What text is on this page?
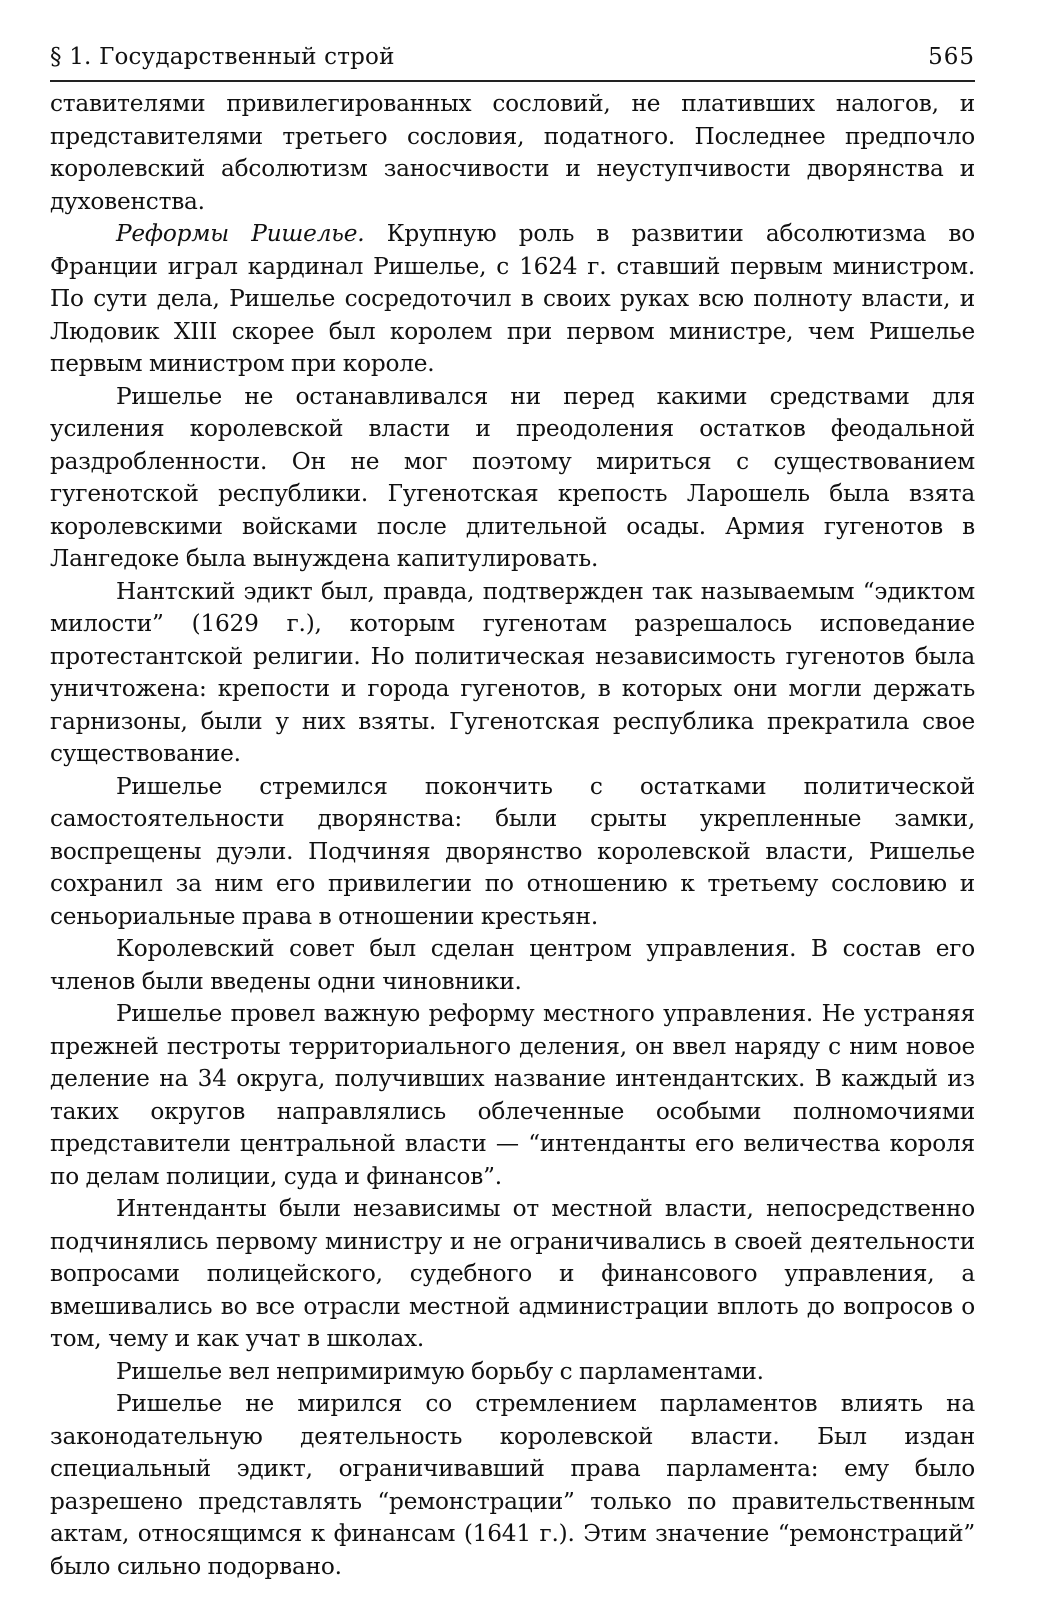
§ 1. Государственный строй	565

ставителями привилегированных сословий, не плативших налогов, и представителями третьего сословия, податного. Последнее предпочло королевский абсолютизм заносчивости и неуступчивости дворянства и духовенства.

Реформы Ришелье. Крупную роль в развитии абсолютизма во Франции играл кардинал Ришелье, с 1624 г. ставший первым министром. По сути дела, Ришелье сосредоточил в своих руках всю полноту власти, и Людовик XIII скорее был королем при первом министре, чем Ришелье первым министром при короле.

Ришелье не останавливался ни перед какими средствами для усиления королевской власти и преодоления остатков феодальной раздробленности. Он не мог поэтому мириться с существованием гугенотской республики. Гугенотская крепость Ларошель была взята королевскими войсками после длительной осады. Армия гугенотов в Лангедоке была вынуждена капитулировать.

Нантский эдикт был, правда, подтвержден так называемым “эдиктом милости” (1629 г.), которым гугенотам разрешалось исповедание протестантской религии. Но политическая независимость гугенотов была уничтожена: крепости и города гугенотов, в которых они могли держать гарнизоны, были у них взяты. Гугенотская республика прекратила свое существование.

Ришелье стремился покончить с остатками политической самостоятельности дворянства: были срыты укрепленные замки, воспрещены дуэли. Подчиняя дворянство королевской власти, Ришелье сохранил за ним его привилегии по отношению к третьему сословию и сеньориальные права в отношении крестьян.

Королевский совет был сделан центром управления. В состав его членов были введены одни чиновники.

Ришелье провел важную реформу местного управления. Не устраняя прежней пестроты территориального деления, он ввел наряду с ним новое деление на 34 округа, получивших название интендантских. В каждый из таких округов направлялись облеченные особыми полномочиями представители центральной власти — “интенданты его величества короля по делам полиции, суда и финансов”.

Интенданты были независимы от местной власти, непосредственно подчинялись первому министру и не ограничивались в своей деятельности вопросами полицейского, судебного и финансового управления, а вмешивались во все отрасли местной администрации вплоть до вопросов о том, чему и как учат в школах.

Ришелье вел непримиримую борьбу с парламентами.

Ришелье не мирился со стремлением парламентов влиять на законодательную деятельность королевской власти. Был издан специальный эдикт, ограничивавший права парламента: ему было разрешено представлять “ремонстрации” только по правительственным актам, относящимся к финансам (1641 г.). Этим значение “ремонстраций” было сильно подорвано.
